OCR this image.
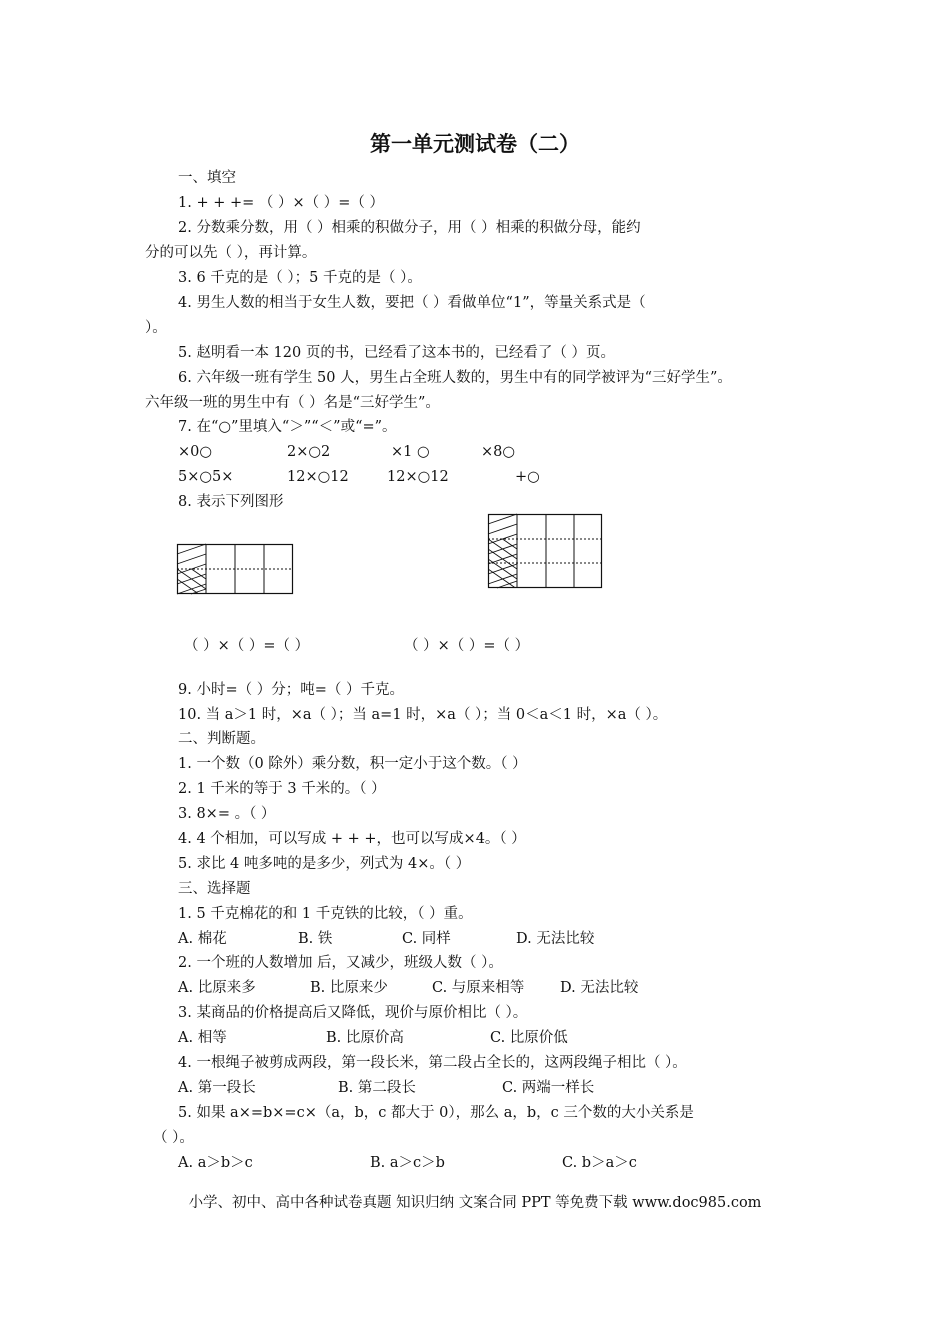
第一单元测试卷（二）
一、填空
1. + + += （ ）×（ ）=（ ）
2. 分数乘分数，用（ ）相乘的积做分子，用（ ）相乘的积做分母，能约
分的可以先（ ），再计算。
3. 6 千克的是（ ）；5 千克的是（ ）。
4. 男生人数的相当于女生人数，要把（ ）看做单位“1”，等量关系式是（
）。
5. 赵明看一本 120 页的书，已经看了这本书的，已经看了（ ）页。
6. 六年级一班有学生 50 人，男生占全班人数的，男生中有的同学被评为“三好学生”。
六年级一班的男生中有（ ）名是“三好学生”。
7. 在“○”里填入“＞”“＜”或“=”。
×0○	2×○2	×1 ○	×8○
5×○5×	12×○12	12×○12	+○
8. 表示下列图形
（ ）×（ ）=（ ）	（ ）×（ ）=（ ）
9. 小时=（ ）分；吨=（ ）千克。
10. 当 a＞1 时，×a（ ）；当 a=1 时，×a（ ）；当 0＜a＜1 时，×a（ ）。
二、判断题。
1. 一个数（0 除外）乘分数，积一定小于这个数。（ ）
2. 1 千米的等于 3 千米的。（ ）
3. 8×= 。（ ）
4. 4 个相加，可以写成 + + +，也可以写成×4。（ ）
5. 求比 4 吨多吨的是多少，列式为 4×。（ ）
三、选择题
1. 5 千克棉花的和 1 千克铁的比较，（ ）重。
A. 棉花	B. 铁	C. 同样	D. 无法比较
2. 一个班的人数增加 后，又减少，班级人数（ ）。
A. 比原来多	B. 比原来少	C. 与原来相等 D. 无法比较
3. 某商品的价格提高后又降低，现价与原价相比（ ）。
A. 相等	B. 比原价高	C. 比原价低
4. 一根绳子被剪成两段，第一段长米，第二段占全长的，这两段绳子相比（ ）。
A. 第一段长	B. 第二段长	C. 两端一样长
5. 如果 a×=b×=c×（a，b，c 都大于 0），那么 a，b，c 三个数的大小关系是
（ ）。
A. a＞b＞c	B. a＞c＞b	C. b＞a＞c
小学、初中、高中各种试卷真题 知识归纳 文案合同 PPT 等免费下载 www.doc985.com
